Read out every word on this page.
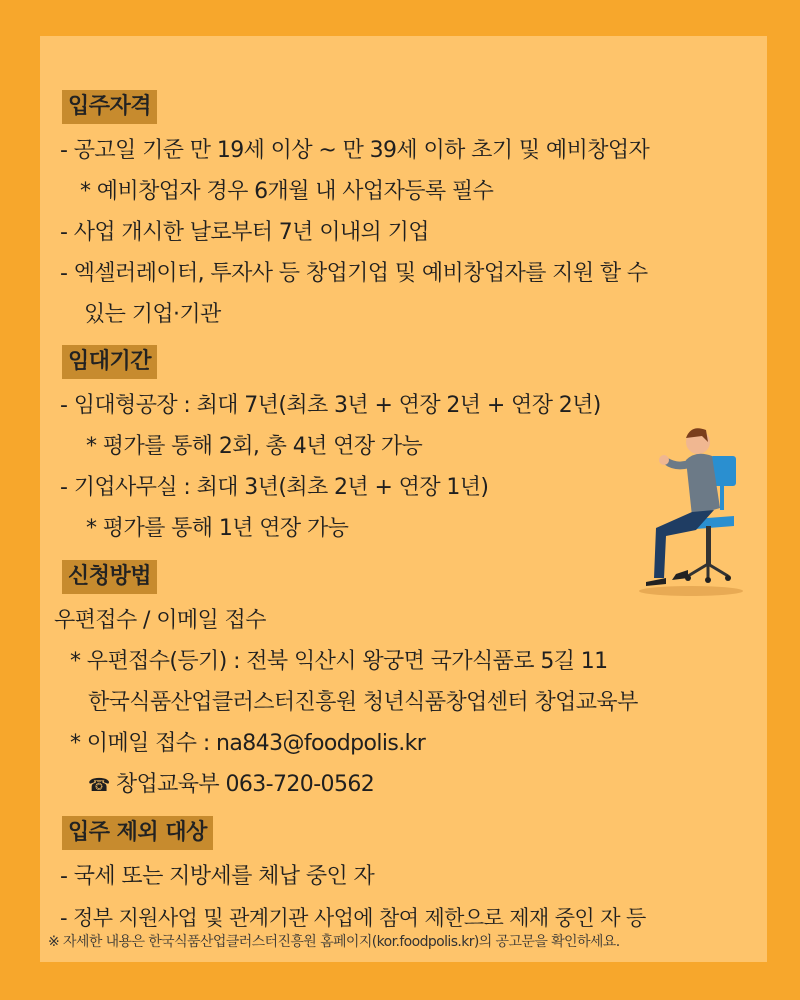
입주자격
- 공고일 기준 만 19세 이상 ~ 만 39세 이하 초기 및 예비창업자
* 예비창업자 경우 6개월 내 사업자등록 필수
- 사업 개시한 날로부터 7년 이내의 기업
- 엑셀러레이터, 투자사 등 창업기업 및 예비창업자를 지원 할 수
있는 기업·기관
임대기간
- 임대형공장 : 최대 7년(최초 3년 + 연장 2년 + 연장 2년)
* 평가를 통해 2회, 총 4년 연장 가능
- 기업사무실 : 최대 3년(최초 2년 + 연장 1년)
* 평가를 통해 1년 연장 가능
신청방법
우편접수 / 이메일 접수
* 우편접수(등기) : 전북 익산시 왕궁면 국가식품로 5길 11
한국식품산업클러스터진흥원 청년식품창업센터 창업교육부
* 이메일 접수 : na843@foodpolis.kr
☎ 창업교육부 063-720-0562
입주 제외 대상
- 국세 또는 지방세를 체납 중인 자
- 정부 지원사업 및 관계기관 사업에 참여 제한으로 제재 중인 자 등
※ 자세한 내용은 한국식품산업클러스터진흥원 홈페이지(kor.foodpolis.kr)의 공고문을 확인하세요.
